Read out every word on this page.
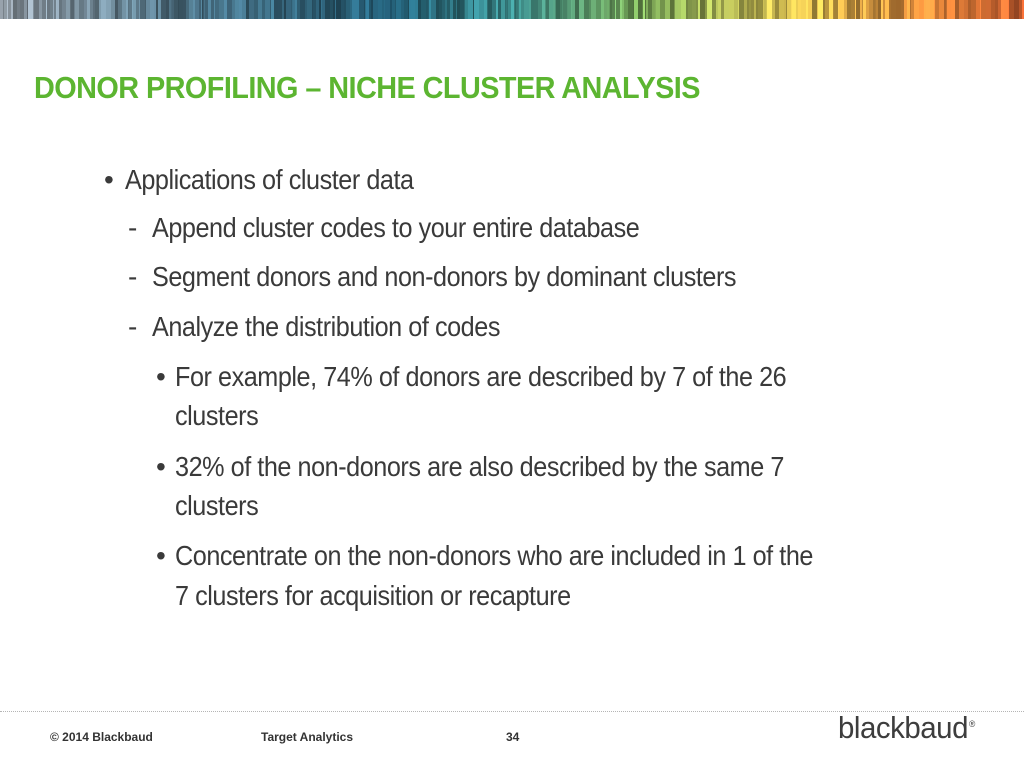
DONOR PROFILING – NICHE CLUSTER ANALYSIS
• Applications of cluster data
- Append cluster codes to your entire database
- Segment donors and non-donors by dominant clusters
- Analyze the distribution of codes
• For example, 74% of donors are described by 7 of the 26
clusters
• 32% of the non-donors are also described by the same 7
clusters
• Concentrate on the non-donors who are included in 1 of the
7 clusters for acquisition or recapture
© 2014 Blackbaud	Target Analytics	34	blackbaud®
